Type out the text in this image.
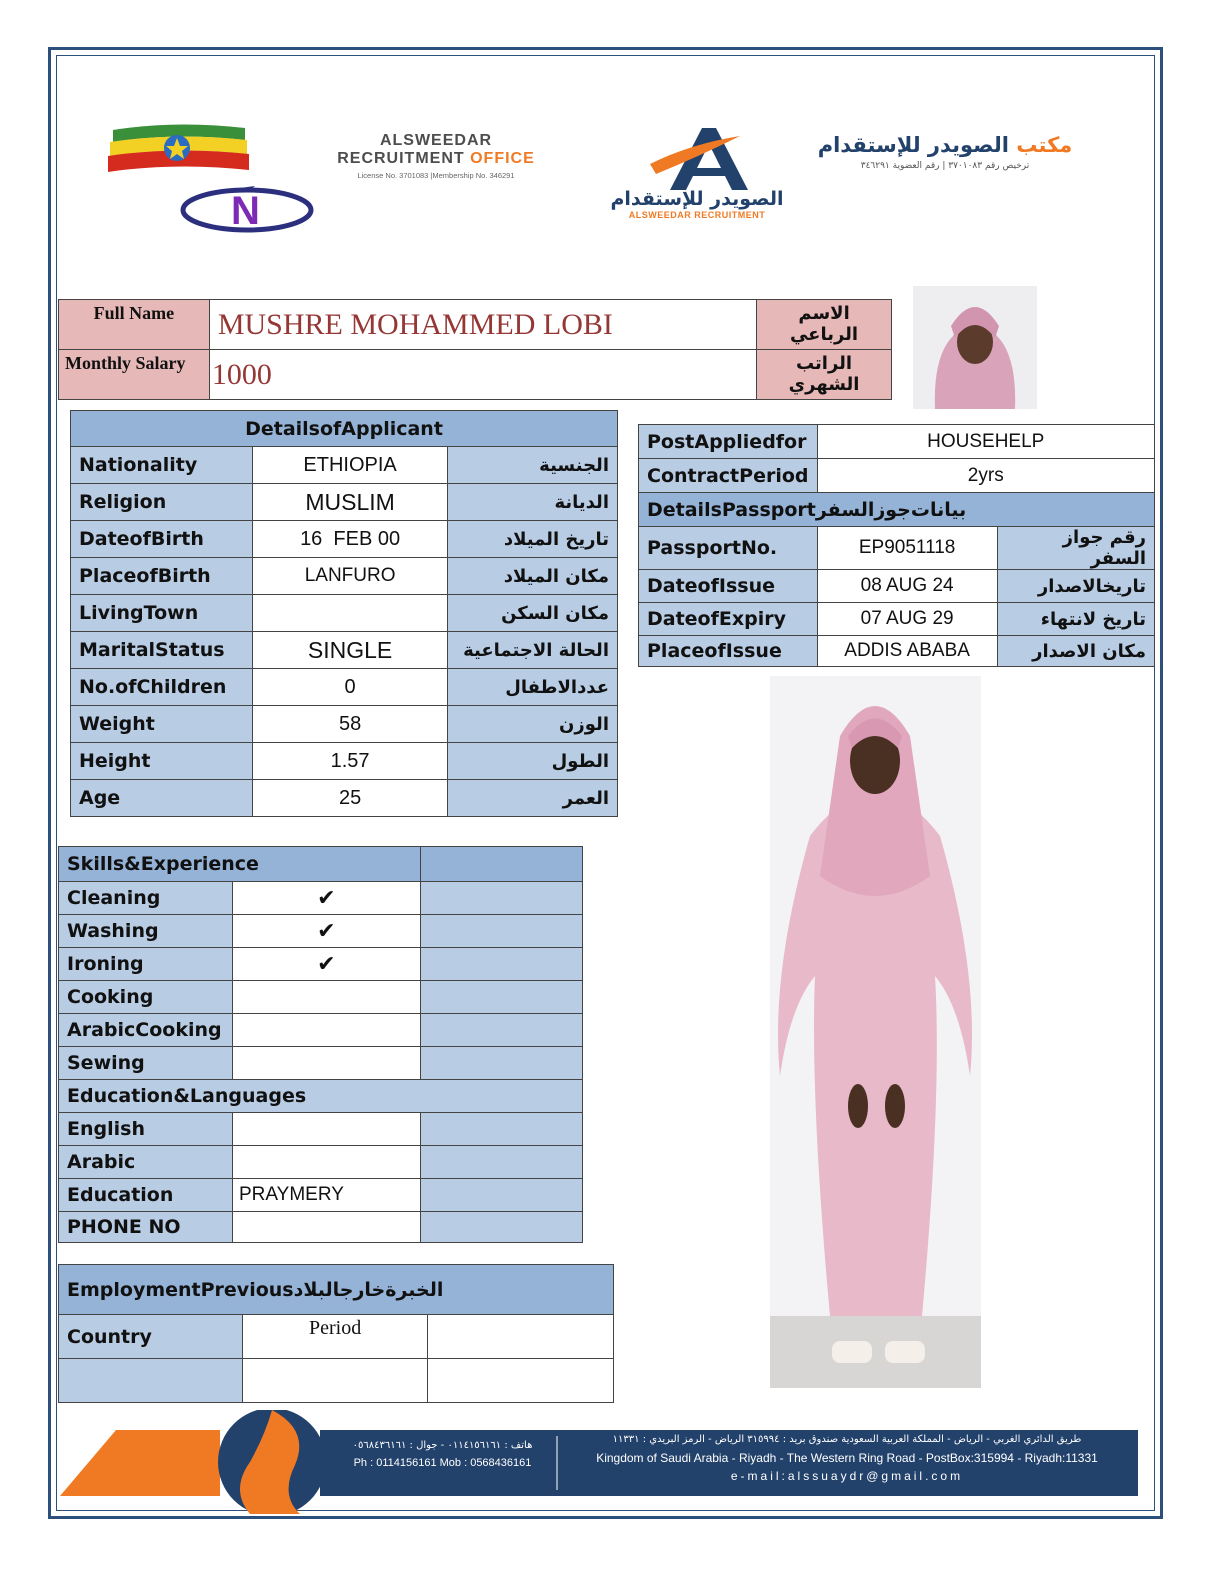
N
ALSWEEDAR
RECRUITMENT OFFICE
License No. 3701083 |Membership No. 346291
الصويدر للإستقدام
ALSWEEDAR RECRUITMENT
مكتب الصويدر للإستقدام
ترخيص رقم ٣٧٠١٠٨٣ | رقم العضوية ٣٤٦٢٩١
Full Name	MUSHRE MOHAMMED LOBI	الاسم الرباعي
Monthly Salary	1000	الراتب الشهري
DetailsofApplicant		
Nationality	ETHIOPIA	الجنسية
Religion	MUSLIM	الديانة
DateofBirth	16  FEB 00	تاريخ الميلاد
PlaceofBirth	LANFURO	مكان الميلاد
LivingTown		مكان السكن
MaritalStatus	SINGLE	الحالة الاجتماعية
No.ofChildren	0	عددالاطفال
Weight	58	الوزن
Height	1.57	الطول
Age	25	العمر
PostAppliedfor	HOUSEHELP	
ContractPeriod	2yrs	
DetailsPassportبيانات‌جوزالسفر		
PassportNo.	EP9051118	رقم جواز السفر
DateofIssue	08 AUG 24	تاريخالاصدار
DateofExpiry	07 AUG 29	تاريخ لانتهاء
PlaceofIssue	ADDIS ABABA	مكان الاصدار
Skills&Experience		
Cleaning	✔	
Washing	✔	
Ironing	✔	
Cooking		
ArabicCooking		
Sewing		
Education&Languages		
English		
Arabic		
Education	PRAYMERY	
PHONE NO		
EmploymentPreviousالخبرةخارجالبلاد		
Country	Period	

هاتف : ٠١١٤١٥٦١٦١ - جوال : ٠٥٦٨٤٣٦١٦١
Ph : 0114156161 Mob : 0568436161
طريق الدائري الغربي - الرياض - المملكة العربية السعودية صندوق بريد : ٣١٥٩٩٤ الرياض - الرمز البريدي : ١١٣٣١
Kingdom of Saudi Arabia - Riyadh - The Western Ring Road - PostBox:315994 - Riyadh:11331
e-mail:alssuaydr@gmail.com
